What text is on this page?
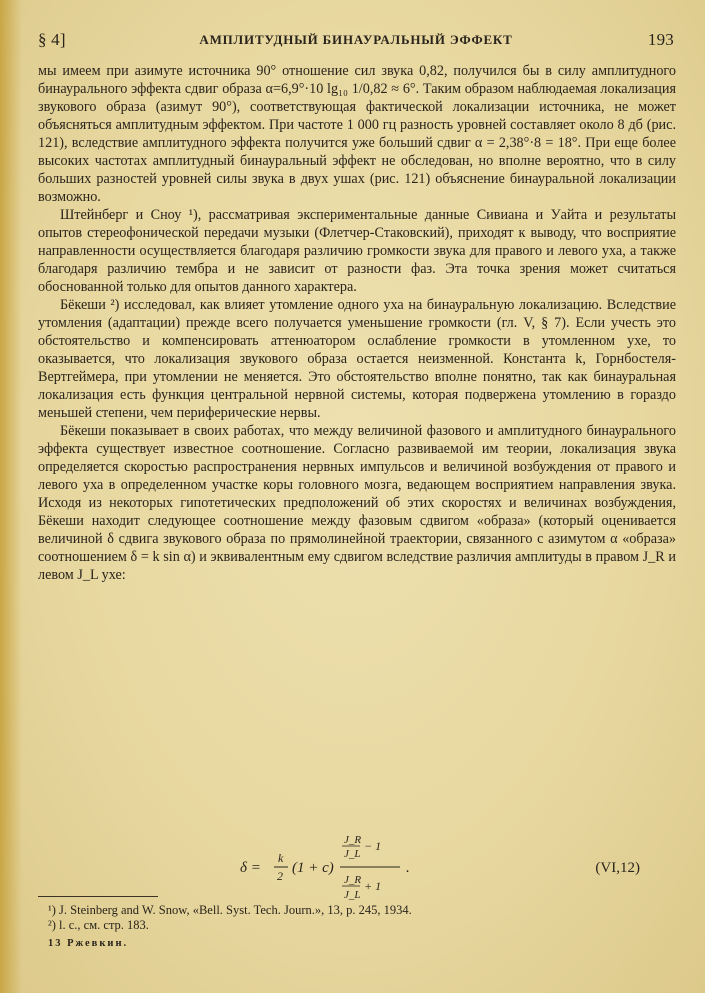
§ 4]	АМПЛИТУДНЫЙ БИНАУРАЛЬНЫЙ ЭФФЕКТ	193

мы имеем при азимуте источника 90° отношение сил звука 0,82, получился бы в силу амплитудного бинаурального эффекта сдвиг образа α=6,9°·10 lg₁₀ 1/0,82 ≈ 6°. Таким образом наблюдаемая локализация звукового образа (азимут 90°), соответствующая фактической локализации источника, не может объясняться амплитудным эффектом. При частоте 1 000 гц разность уровней составляет около 8 дб (рис. 121), вследствие амплитудного эффекта получится уже больший сдвиг α = 2,38°·8 = 18°. При еще более высоких частотах амплитудный бинауральный эффект не обследован, но вполне вероятно, что в силу больших разностей уровней силы звука в двух ушах (рис. 121) объяснение бинауральной локализации возможно.

Штейнберг и Сноу ¹), рассматривая экспериментальные данные Сивиана и Уайта и результаты опытов стереофонической передачи музыки (Флетчер-Стаковский), приходят к выводу, что восприятие направленности осуществляется благодаря различию громкости звука для правого и левого уха, а также благодаря различию тембра и не зависит от разности фаз. Эта точка зрения может считаться обоснованной только для опытов данного характера.

Бёкеши ²) исследовал, как влияет утомление одного уха на бинауральную локализацию. Вследствие утомления (адаптации) прежде всего получается уменьшение громкости (гл. V, § 7). Если учесть это обстоятельство и компенсировать аттенюатором ослабление громкости в утомленном ухе, то оказывается, что локализация звукового образа остается неизменной. Константа k, Горнбостеля-Вертгеймера, при утомлении не меняется. Это обстоятельство вполне понятно, так как бинауральная локализация есть функция центральной нервной системы, которая подвержена утомлению в гораздо меньшей степени, чем периферические нервы.

Бёкеши показывает в своих работах, что между величиной фазового и амплитудного бинаурального эффекта существует известное соотношение. Согласно развиваемой им теории, локализация звука определяется скоростью распространения нервных импульсов и величиной возбуждения от правого и левого уха в определенном участке коры головного мозга, ведающем восприятием направления звука. Исходя из некоторых гипотетических предположений об этих скоростях и величинах возбуждения, Бёкеши находит следующее соотношение между фазовым сдвигом «образа» (который оценивается величиной δ сдвига звукового образа по прямолинейной траектории, связанного с азимутом α «образа» соотношением δ = k sin α) и эквивалентным ему сдвигом вследствие различия амплитуды в правом J_R и левом J_L ухе:

δ =
k
2 (1 + c)
J_R
J_L
− 1
J_R
J_L
+ 1
.	(VI,12)
¹) J. Steinberg and W. Snow, «Bell. Syst. Tech. Journ.», 13, p. 245, 1934.
²) l. c., см. стр. 183.
13 Ржевкин.
